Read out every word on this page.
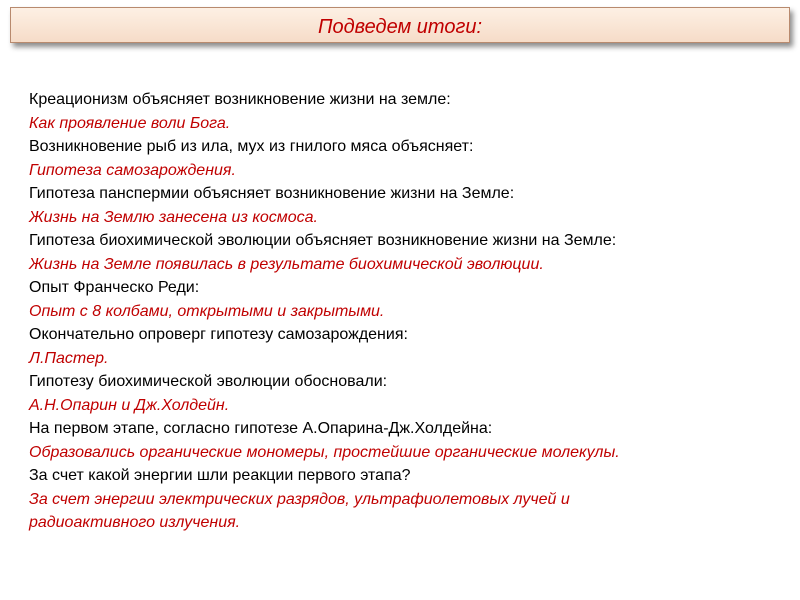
Подведем итоги:
Креационизм объясняет возникновение жизни на земле:
Как проявление воли Бога.
Возникновение рыб из ила, мух из гнилого мяса объясняет:
Гипотеза самозарождения.
Гипотеза панспермии объясняет возникновение жизни на Земле:
Жизнь на Землю занесена из космоса.
Гипотеза биохимической эволюции объясняет возникновение жизни на Земле:
Жизнь на Земле появилась в результате биохимической эволюции.
Опыт Франческо Реди:
Опыт с 8 колбами, открытыми и закрытыми.
Окончательно опроверг гипотезу самозарождения:
Л.Пастер.
Гипотезу биохимической эволюции обосновали:
А.Н.Опарин и Дж.Холдейн.
На первом этапе, согласно гипотезе А.Опарина-Дж.Холдейна:
Образовались органические мономеры, простейшие органические молекулы.
За счет какой энергии шли реакции первого этапа?
За счет энергии электрических разрядов, ультрафиолетовых лучей и
радиоактивного излучения.
